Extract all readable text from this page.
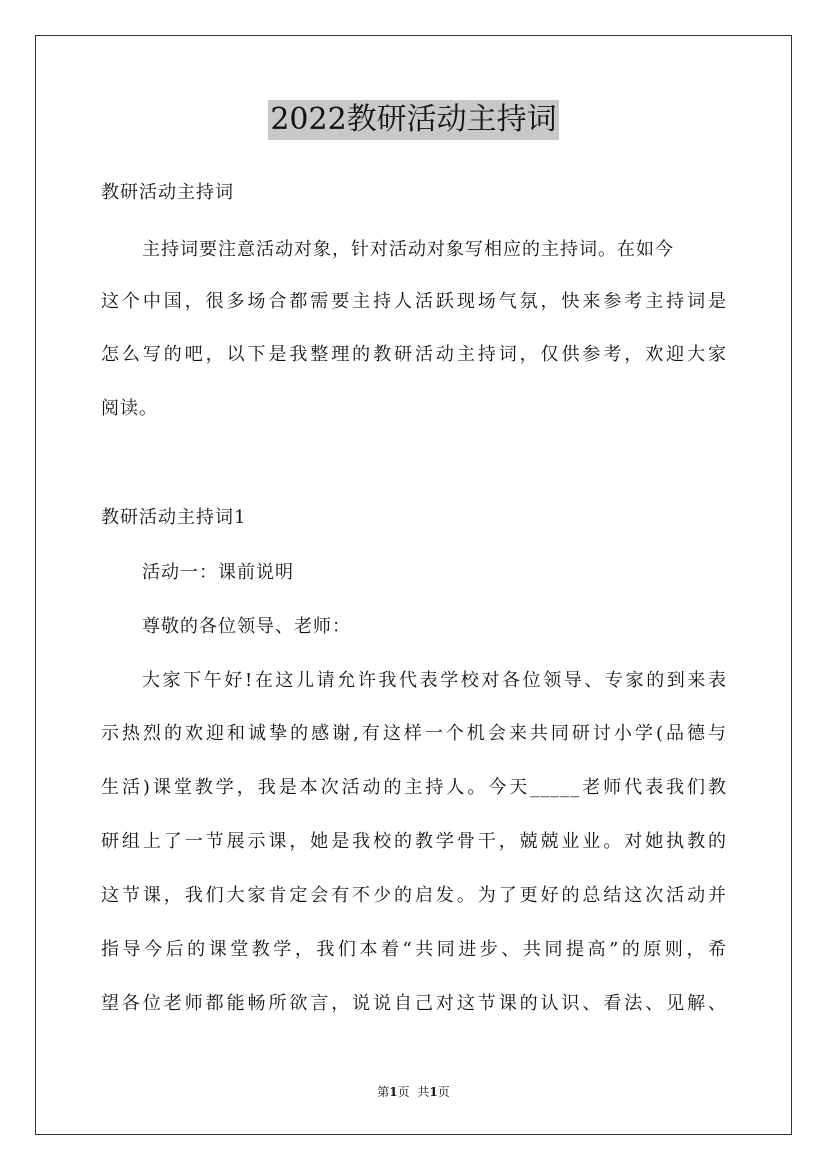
2022教研活动主持词
教研活动主持词
主持词要注意活动对象，针对活动对象写相应的主持词。在如今
这个中国，很多场合都需要主持人活跃现场气氛，快来参考主持词是
怎么写的吧，以下是我整理的教研活动主持词，仅供参考，欢迎大家
阅读。
教研活动主持词1
活动一：课前说明
尊敬的各位领导、老师：
大家下午好!在这儿请允许我代表学校对各位领导、专家的到来表
示热烈的欢迎和诚挚的感谢,有这样一个机会来共同研讨小学(品德与
生活)课堂教学，我是本次活动的主持人。今天_____老师代表我们教
研组上了一节展示课，她是我校的教学骨干，兢兢业业。对她执教的
这节课，我们大家肯定会有不少的启发。为了更好的总结这次活动并
指导今后的课堂教学，我们本着“共同进步、共同提高”的原则，希
望各位老师都能畅所欲言，说说自己对这节课的认识、看法、见解、
第1页 共1页
